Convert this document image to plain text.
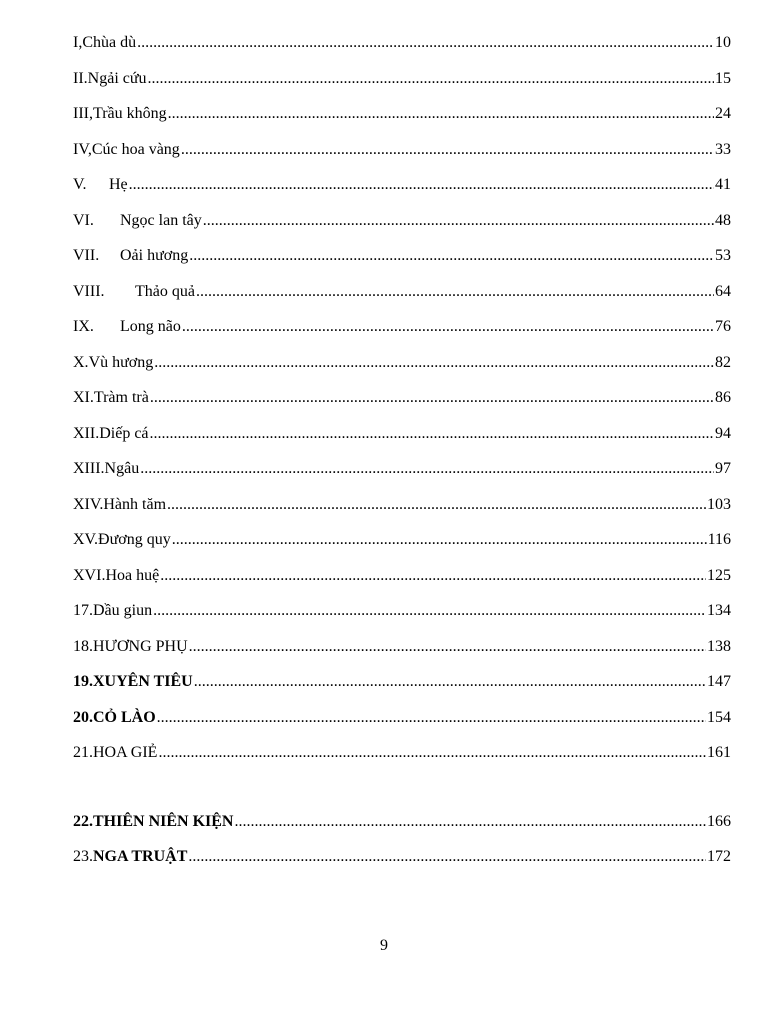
I,Chùa dù .....	10
II.Ngải cứu .....	15
III,Trầu không .....	24
IV,Cúc hoa vàng .....	33
V. Hẹ .....	41
VI. Ngọc lan tây .....	48
VII. Oải hương .....	53
VIII. Thảo quả .....	64
IX. Long não .....	76
X.Vù hương .....	82
XI.Tràm trà .....	86
XII.Diếp cá .....	94
XIII.Ngâu .....	97
XIV.Hành tăm .....	103
XV.Đương quy .....	116
XVI.Hoa huệ .....	125
17.Dầu giun .....	134
18.HƯƠNG PHỤ .....	138
19.XUYÊN TIÊU .....	147
20.CỎ LÀO .....	154
21.HOA GIẺ .....	161
22.THIÊN NIÊN KIỆN .....	166
23.NGA TRUẬT .....	172
9
